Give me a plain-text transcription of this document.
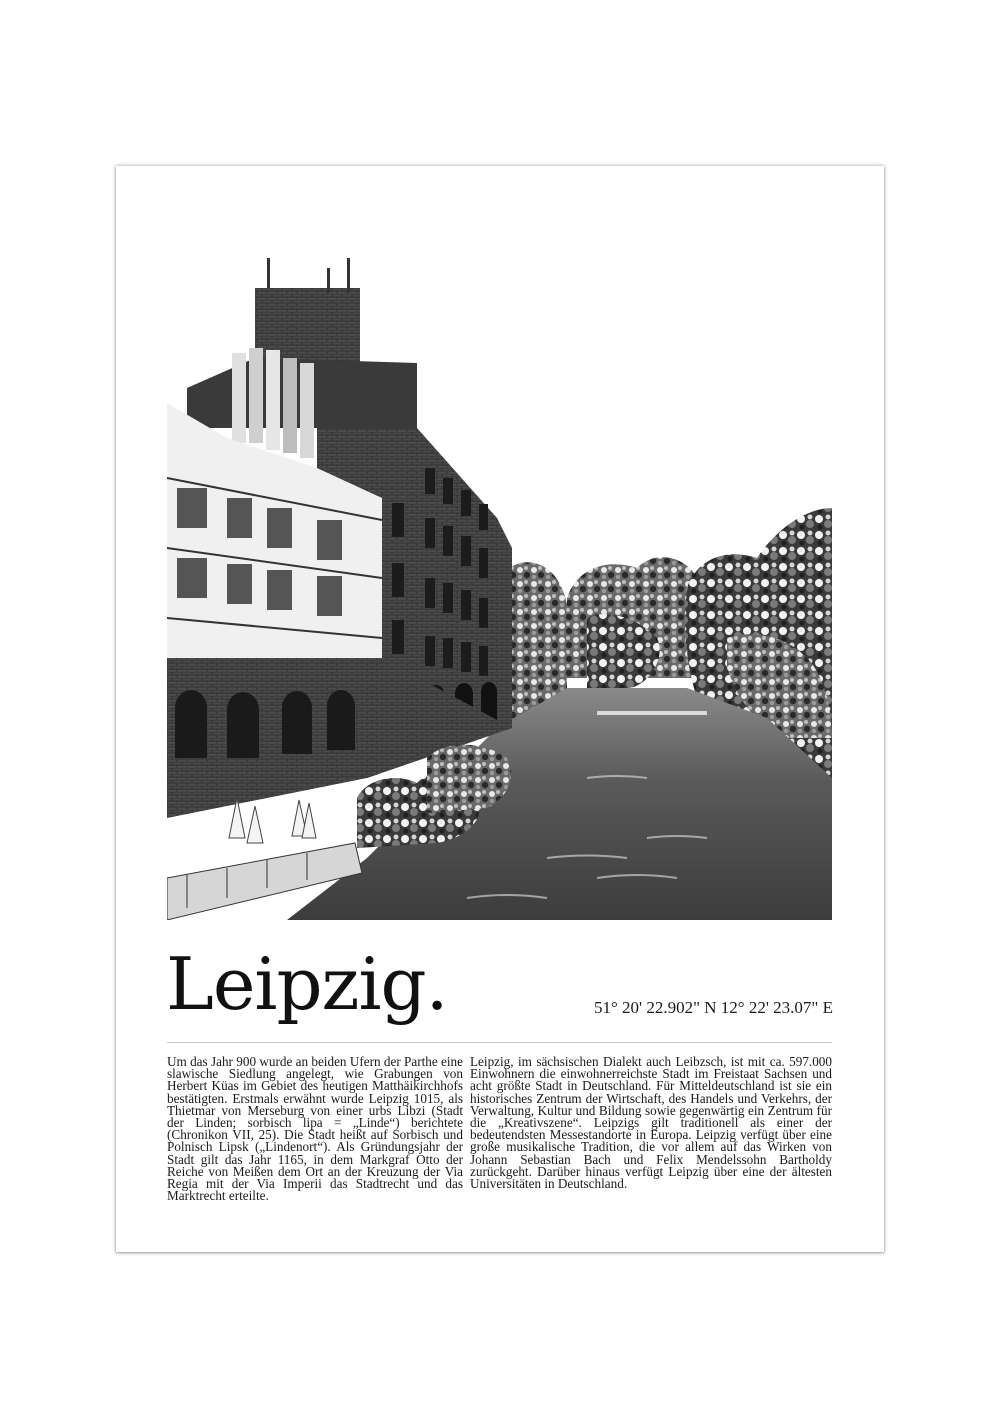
Leipzig.	51° 20' 22.902" N 12° 22' 23.07" E

Um das Jahr 900 wurde an beiden Ufern der Parthe eine slawische Siedlung angelegt, wie Grabungen von Herbert Küas im Gebiet des heutigen Matthäikirchhofs bestätigten. Erstmals erwähnt wurde Leipzig 1015, als Thietmar von Merseburg von einer urbs Libzi (Stadt der Linden; sorbisch lipa = „Linde“) berichtete (Chronikon VII, 25). Die Stadt heißt auf Sorbisch und Polnisch Lipsk („Lindenort“). Als Gründungsjahr der Stadt gilt das Jahr 1165, in dem Markgraf Otto der Reiche von Meißen dem Ort an der Kreuzung der Via Regia mit der Via Imperii das Stadtrecht und das Marktrecht erteilte.

Leipzig, im sächsischen Dialekt auch Leibzsch, ist mit ca. 597.000 Einwohnern die einwohnerreichste Stadt im Freistaat Sachsen und acht größte Stadt in Deutschland. Für Mitteldeutschland ist sie ein historisches Zentrum der Wirtschaft, des Handels und Verkehrs, der Verwaltung, Kultur und Bildung sowie gegenwärtig ein Zentrum für die „Kreativszene“. Leipzigs gilt traditionell als einer der bedeutendsten Messestandorte in Europa. Leipzig verfügt über eine große musikalische Tradition, die vor allem auf das Wirken von Johann Sebastian Bach und Felix Mendelssohn Bartholdy zurückgeht. Darüber hinaus verfügt Leipzig über eine der ältesten Universitäten in Deutschland.
